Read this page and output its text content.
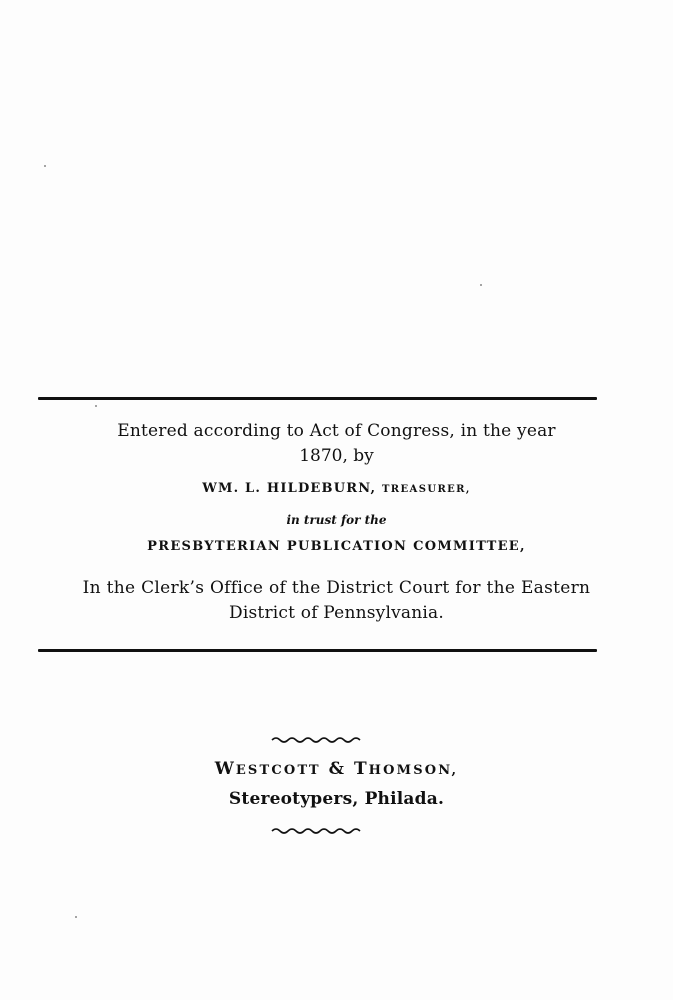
Entered according to Act of Congress, in the year
1870, by
WM. L. HILDEBURN, TREASURER,
in trust for the
PRESBYTERIAN PUBLICATION COMMITTEE,
In the Clerk’s Office of the District Court for the Eastern
District of Pennsylvania.
WESTCOTT & THOMSON,
Stereotypers, Philada.
